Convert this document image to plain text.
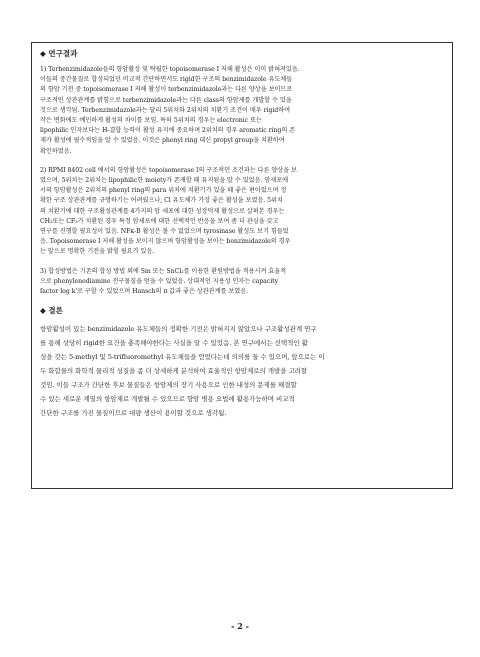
◆ 연구결과
1) Terbenzimidazole들의 항암활성 및 탁월한 topoisomerase I 저해 활성은 이미 밝혀져있음.
이들의 중간물질로 합성되었던 비교적 간단하면서도 rigid한 구조의 benzimidazole 유도체들
의 항암 기전 중 topoisomerase I 저해 활성이 terbenzimidazole과는 다른 양상을 보이므로
구조적인 상관관계를 밝힘으로 terbenzimidazole과는 다른 class의 항암제를 개발할 수 있을
것으로 생각됨. Terbenzimidazole과는 달리 5위치와 2위치의 치환기 조건이 매우 rigid하여
작은 변화에도 예민하게 활성의 차이를 보임. 특히 5위치의 경우는 electronic 또는
lipophilic 인자보다는 H-결합 능력이 활성 유지에 중요하며 2위치의 경우 aromatic ring의 존
재가 활성에 필수적임을 알 수 있었음. 이것은 phenyl ring 대신 propyl group을 치환하여
확인하였음.
2) RPMI 8402 cell 에서의 항암활성은 topoisomerase I의 구조적인 조건과는 다른 양상을 보
였으며, 5위치는 2위치는 lipophilic한 moiety가 존재할 때 유지됨을 알 수 있었음. 암세포에
서의 항암활성은 2위치의 phenyl ring의 para 위치에 치환기가 있을 때 좋은 편이었으며 정
확한 구조 상관관계를 규명하기는 어려웠으나, Cl 유도체가 가장 좋은 활성을 보였음. 5위치
의 치환기에 대한 구조활성관계를 4가지의 암 세포에 대한 성장억제 활성으로 살펴본 경우는
CH₃또는 CF₃가 치환된 경우 특정 암세포에 대한 선택적인 반응을 보여 좀 더 관심을 갖고
연구를 진행할 필요성이 있음. NFκ-B 활성은 볼 수 없었으며 tyrosinase 활성도 보기 힘들었
음. Topoisomerase I 저해 활성을 보이지 않으며 항암활성을 보이는 benzimidazole의 경우
는 앞으로 명확한 기전을 밝힐 필요가 있음.
3) 합성방법은 기존의 합성 방법 외에 Sm 또는 SnCl₂를 이용한 환원방법을 적용시켜 효율적
으로 phenylenediamine 전구물질을 얻을 수 있었음. 상대적인 지용성 인자는 capacity
factor log k'로 구할 수 있었으며 Hansch의 π 값과 좋은 상관관계를 보였음.
◆ 결론
항암활성이 있는 benzimidazole 유도체들의 정확한 기전은 밝혀지지 않았으나 구조활성관계 연구
를 통해 상당히 rigid한 요건을 충족해야한다는 사실을 알 수 있었음. 본 연구에서는 선택적인 활
성을 갖는 5-methyl 및 5-trifluoromethyl 유도체들을 얻었다는데 의의를 둘 수 있으며, 앞으로는 이
두 화합물의 화학적 물리적 성질을 좀 더 상세하게 분석하여 효율적인 항암제로의 개발을 고려할
것임. 이들 구조가 간단한 후보 물질들은 항암제의 장기 사용으로 인한 내성의 문제를 해결할
수 있는 새로운 계열의 항암제로 개발될 수 있으므로 향암 병용 요법에 활용가능하며 비교적
간단한 구조를 가진 물질이므로 대량 생산이 용이할 것으로 생각됨.
- 2 -
